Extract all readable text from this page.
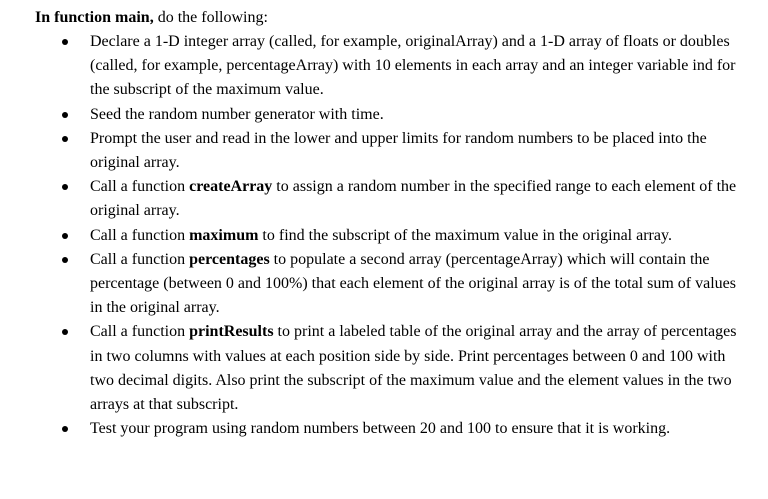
In function main, do the following:
Declare a 1-D integer array (called, for example, originalArray) and a 1-D array of floats or doubles (called, for example, percentageArray) with 10 elements in each array and an integer variable ind for the subscript of the maximum value.
Seed the random number generator with time.
Prompt the user and read in the lower and upper limits for random numbers to be placed into the original array.
Call a function createArray to assign a random number in the specified range to each element of the original array.
Call a function maximum to find the subscript of the maximum value in the original array.
Call a function percentages to populate a second array (percentageArray) which will contain the percentage (between 0 and 100%) that each element of the original array is of the total sum of values in the original array.
Call a function printResults to print a labeled table of the original array and the array of percentages in two columns with values at each position side by side. Print percentages between 0 and 100 with two decimal digits. Also print the subscript of the maximum value and the element values in the two arrays at that subscript.
Test your program using random numbers between 20 and 100 to ensure that it is working.
